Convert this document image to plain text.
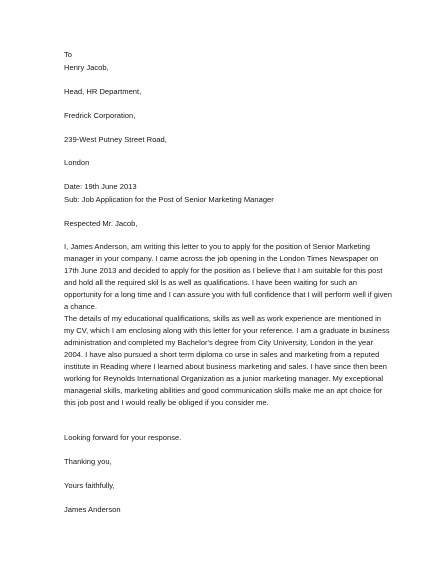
To
Henry Jacob,
Head, HR Department,
Fredrick Corporation,
239-West Putney Street Road,
London
Date: 19th June 2013
Sub: Job Application for the Post of Senior Marketing Manager
Respected Mr. Jacob,
I, James Anderson, am writing this letter to you to apply for the position of Senior Marketing
manager in your company. I came across the job opening in the London Times Newspaper on
17th June 2013 and decided to apply for the position as I believe that I am suitable for this post
and hold all the required skil ls as well as qualifications. I have been waiting for such an
opportunity for a long time and I can assure you with full confidence that I will perform well if given
a chance.
The details of my educational qualifications, skills as well as work experience are mentioned in
my CV, which I am enclosing along with this letter for your reference. I am a graduate in business
administration and completed my Bachelor's degree from City University, London in the year
2004. I have also pursued a short term diploma co urse in sales and marketing from a reputed
institute in Reading where I learned about business marketing and sales. I have since then been
working for Reynolds International Organization as a junior marketing manager. My exceptional
managerial skills, marketing abilities and good communication skills make me an apt choice for
this job post and I would really be obliged if you consider me.
Looking forward for your response.
Thanking you,
Yours faithfully,
James Anderson
